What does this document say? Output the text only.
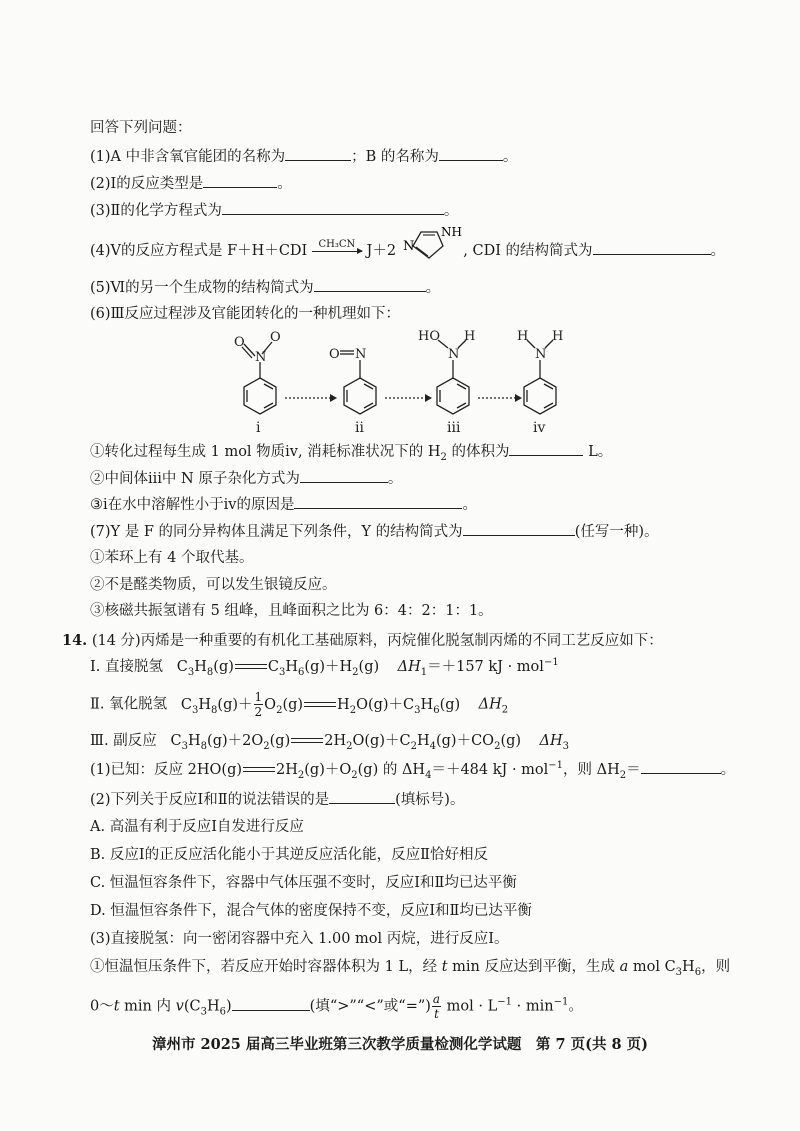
回答下列问题：
(1)A 中非含氧官能团的名称为	；B 的名称为	。
(2)Ⅰ的反应类型是	。
(3)Ⅱ的化学方程式为	。
(4)Ⅴ的反应方程式是 F＋H＋CDI	CH₃CN J＋2 N
NH
, CDI 的结构简式为	。
(5)Ⅵ的另一个生成物的结构简式为	。
(6)Ⅲ反应过程涉及官能团转化的一种机理如下：
N
O
O
N
O	N
HO H
N
H H
ⅰ	ⅱ	ⅲ	ⅳ
①转化过程每生成 1 mol 物质ⅳ, 消耗标准状况下的 $H_2$ 的体积为	L。
②中间体ⅲ中 N 原子杂化方式为	。
③ⅰ在水中溶解性小于ⅳ的原因是	。
(7)Y 是 F 的同分异构体且满足下列条件，Y 的结构简式为	(任写一种)。
①苯环上有 4 个取代基。
②不是醛类物质，可以发生银镜反应。
③核磁共振氢谱有 5 组峰，且峰面积之比为 6：4：2：1：1。
14. (14 分)丙烯是一种重要的有机化工基础原料，丙烷催化脱氢制丙烯的不同工艺反应如下：
Ⅰ. 直接脱氢 $C_3H_8(g)$ $C_3H_6(g)+H_2(g)$ $\Delta H_1=+157$ kJ · mol$^{-1}$
Ⅱ. 氧化脱氢 $C_3H_8(g)+ \frac{1}{2} O_2(g)$ $H_2O(g)+C_3H_6(g)$ $\Delta H_2$
Ⅲ. 副反应 $C_3H_8(g)+2O_2(g)$ $2H_2O(g)+C_2H_4(g)+CO_2(g)$ $\Delta H_3$
(1)已知：反应 2HO(g) $2H_2(g)+O_2(g)$ 的 $\Delta H_4=+484$ kJ · mol$^{-1}$，则 $\Delta H_2=$	。
(2)下列关于反应Ⅰ和Ⅱ的说法错误的是	(填标号)。
A. 高温有利于反应Ⅰ自发进行反应
B. 反应Ⅰ的正反应活化能小于其逆反应活化能，反应Ⅱ恰好相反
C. 恒温恒容条件下，容器中气体压强不变时，反应Ⅰ和Ⅱ均已达平衡
D. 恒温恒容条件下，混合气体的密度保持不变，反应Ⅰ和Ⅱ均已达平衡
(3)直接脱氢：向一密闭容器中充入 1.00 mol 丙烷，进行反应Ⅰ。
①恒温恒压条件下，若反应开始时容器体积为 1 L，经 t min 反应达到平衡，生成 a mol $C_3H_6$，则
0～t min 内 $v(C_3H_6)$	(填“>”“<”或“=”) $\frac{a}{t}$ mol · $L^{-1} \cdot \min^{-1}$。
漳州市 2025 届高三毕业班第三次教学质量检测化学试题　第 7 页(共 8 页)
